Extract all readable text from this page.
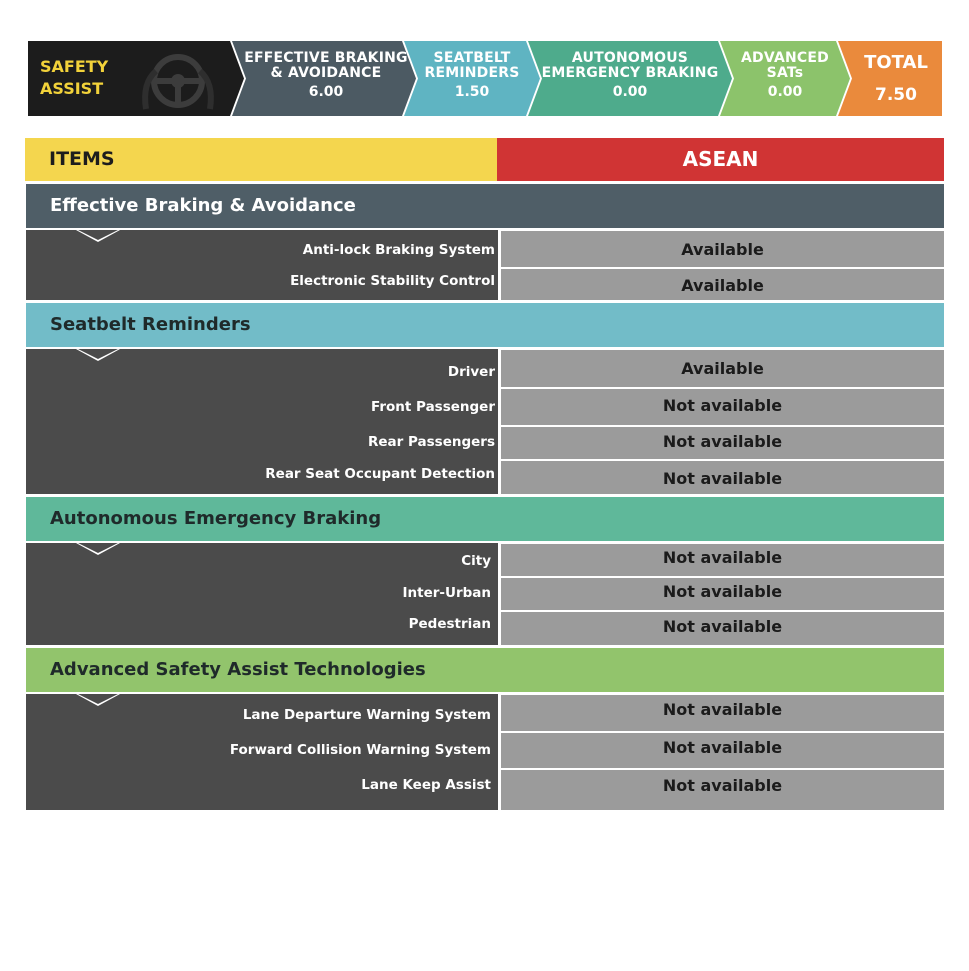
SAFETY ASSIST
EFFECTIVE BRAKING
& AVOIDANCE
6.00
SEATBELT
REMINDERS
1.50
AUTONOMOUS
EMERGENCY BRAKING
0.00
ADVANCED
SATs
0.00
TOTAL
7.50
ITEMS	ASEAN
Effective Braking & Avoidance
Anti-lock Braking System	Available
Electronic Stability Control	Available
Seatbelt Reminders
Driver	Available
Front Passenger	Not available
Rear Passengers	Not available
Rear Seat Occupant Detection	Not available
Autonomous Emergency Braking
City	Not available
Inter-Urban	Not available
Pedestrian	Not available
Advanced Safety Assist Technologies
Lane Departure Warning System	Not available
Forward Collision Warning System	Not available
Lane Keep Assist	Not available
